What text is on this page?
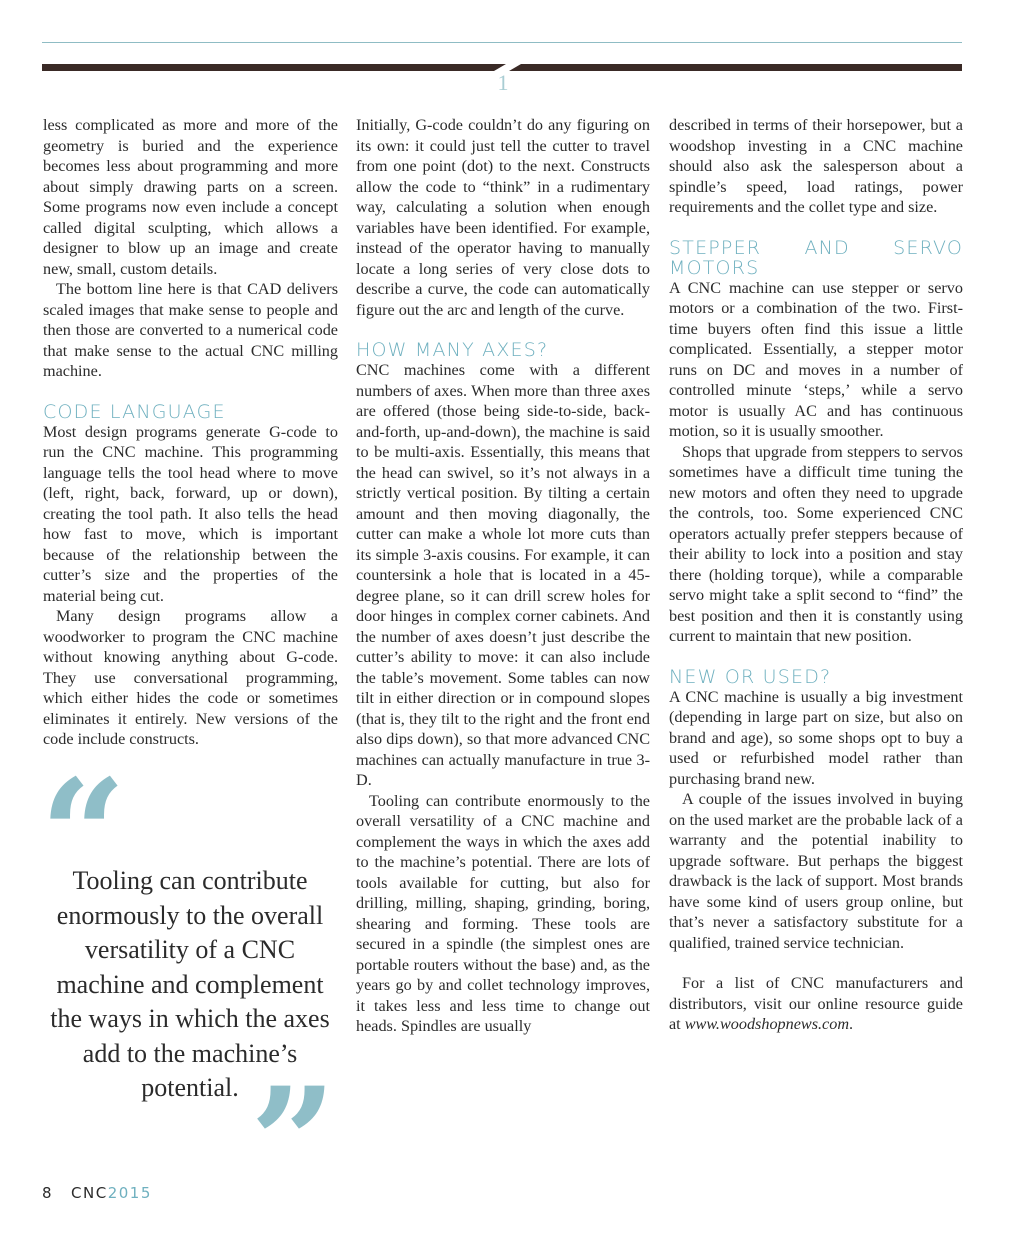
1

less complicated as more and more of the geometry is buried and the experience becomes less about programming and more about simply drawing parts on a screen. Some programs now even include a concept called digital sculpting, which allows a designer to blow up an image and create new, small, custom details.

The bottom line here is that CAD delivers scaled images that make sense to people and then those are converted to a numerical code that make sense to the actual CNC milling machine.

CODE LANGUAGE

Most design programs generate G-code to run the CNC machine. This programming language tells the tool head where to move (left, right, back, forward, up or down), creating the tool path. It also tells the head how fast to move, which is important because of the relationship between the cutter’s size and the properties of the material being cut.

Many design programs allow a woodworker to program the CNC machine without knowing anything about G-code. They use conversational programming, which either hides the code or sometimes eliminates it entirely. New versions of the code include constructs.

“
Tooling can contribute enormously to the overall versatility of a CNC machine and complement the ways in which the axes add to the machine’s potential. ”

Initially, G-code couldn’t do any figuring on its own: it could just tell the cutter to travel from one point (dot) to the next. Constructs allow the code to “think” in a rudimentary way, calculating a solution when enough variables have been identified. For example, instead of the operator having to manually locate a long series of very close dots to describe a curve, the code can automatically figure out the arc and length of the curve.

HOW MANY AXES?

CNC machines come with a different numbers of axes. When more than three axes are offered (those being side-to-side, back-and-forth, up-and-down), the machine is said to be multi-axis. Essentially, this means that the head can swivel, so it’s not always in a strictly vertical position. By tilting a certain amount and then moving diagonally, the cutter can make a whole lot more cuts than its simple 3-axis cousins. For example, it can countersink a hole that is located in a 45-degree plane, so it can drill screw holes for door hinges in complex corner cabinets. And the number of axes doesn’t just describe the cutter’s ability to move: it can also include the table’s movement. Some tables can now tilt in either direction or in compound slopes (that is, they tilt to the right and the front end also dips down), so that more advanced CNC machines can actually manufacture in true 3-D.

Tooling can contribute enormously to the overall versatility of a CNC machine and complement the ways in which the axes add to the machine’s potential. There are lots of tools available for cutting, but also for drilling, milling, shaping, grinding, boring, shearing and forming. These tools are secured in a spindle (the simplest ones are portable routers without the base) and, as the years go by and collet technology improves, it takes less and less time to change out heads. Spindles are usually

described in terms of their horsepower, but a woodshop investing in a CNC machine should also ask the salesperson about a spindle’s speed, load ratings, power requirements and the collet type and size.

STEPPER AND SERVO MOTORS

A CNC machine can use stepper or servo motors or a combination of the two. First-time buyers often find this issue a little complicated. Essentially, a stepper motor runs on DC and moves in a number of controlled minute ‘steps,’ while a servo motor is usually AC and has continuous motion, so it is usually smoother.

Shops that upgrade from steppers to servos sometimes have a difficult time tuning the new motors and often they need to upgrade the controls, too. Some experienced CNC operators actually prefer steppers because of their ability to lock into a position and stay there (holding torque), while a comparable servo might take a split second to “find” the best position and then it is constantly using current to maintain that new position.

NEW OR USED?

A CNC machine is usually a big investment (depending in large part on size, but also on brand and age), so some shops opt to buy a used or refurbished model rather than purchasing brand new.

A couple of the issues involved in buying on the used market are the probable lack of a warranty and the potential inability to upgrade software. But perhaps the biggest drawback is the lack of support. Most brands have some kind of users group online, but that’s never a satisfactory substitute for a qualified, trained service technician.

For a list of CNC manufacturers and distributors, visit our online resource guide at www.woodshopnews.com.

8 CNC2015
